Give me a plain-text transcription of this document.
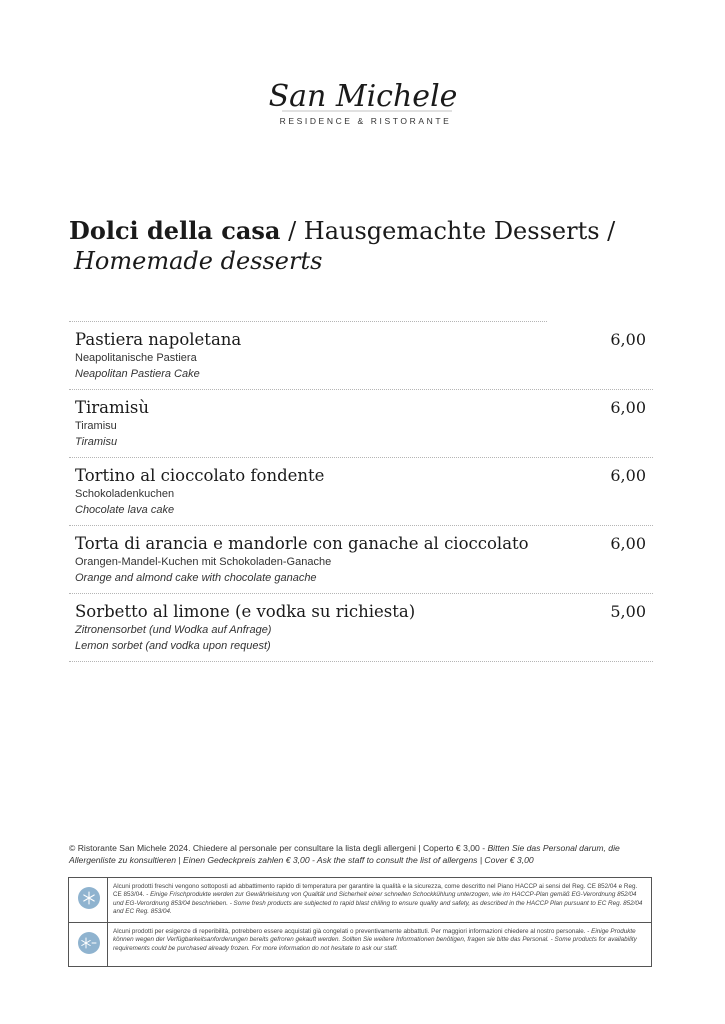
San Michele
RESIDENCE & RISTORANTE
Dolci della casa / Hausgemachte Desserts /
Homemade desserts
Pastiera napoletana
Neapolitanische Pastiera
Neapolitan Pastiera Cake
6,00
Tiramisù
Tiramisu
Tiramisu
6,00
Tortino al cioccolato fondente
Schokoladenkuchen
Chocolate lava cake
6,00
Torta di arancia e mandorle con ganache al cioccolato
Orangen-Mandel-Kuchen mit Schokoladen-Ganache
Orange and almond cake with chocolate ganache
6,00
Sorbetto al limone (e vodka su richiesta)
Zitronensorbet (und Wodka auf Anfrage)
Lemon sorbet (and vodka upon request)
5,00
© Ristorante San Michele 2024. Chiedere al personale per consultare la lista degli allergeni | Coperto € 3,00 - Bitten Sie das Personal darum, die Allergenliste zu konsultieren | Einen Gedeckpreis zahlen € 3,00 - Ask the staff to consult the list of allergens | Cover € 3,00
Alcuni prodotti freschi vengono sottoposti ad abbattimento rapido di temperatura per garantire la qualità e la sicurezza, come descritto nel Piano HACCP ai sensi del Reg. CE 852/04 e Reg. CE 853/04. - Einige Frischprodukte werden zur Gewährleistung von Qualität und Sicherheit einer schnellen Schockkühlung unterzogen, wie im HACCP-Plan gemäß EG-Verordnung 852/04 und EG-Verordnung 853/04 beschrieben. - Some fresh products are subjected to rapid blast chilling to ensure quality and safety, as described in the HACCP Plan pursuant to EC Reg. 852/04 and EC Reg. 853/04.
Alcuni prodotti per esigenze di reperibilità, potrebbero essere acquistati già congelati o preventivamente abbattuti. Per maggiori informazioni chiedere al nostro personale. - Einige Produkte können wegen der Verfügbarkeitsanforderungen bereits gefroren gekauft werden. Sollten Sie weitere Informationen benötigen, fragen sie bitte das Personal. - Some products for availability requirements could be purchased already frozen. For more information do not hesitate to ask our staff.
